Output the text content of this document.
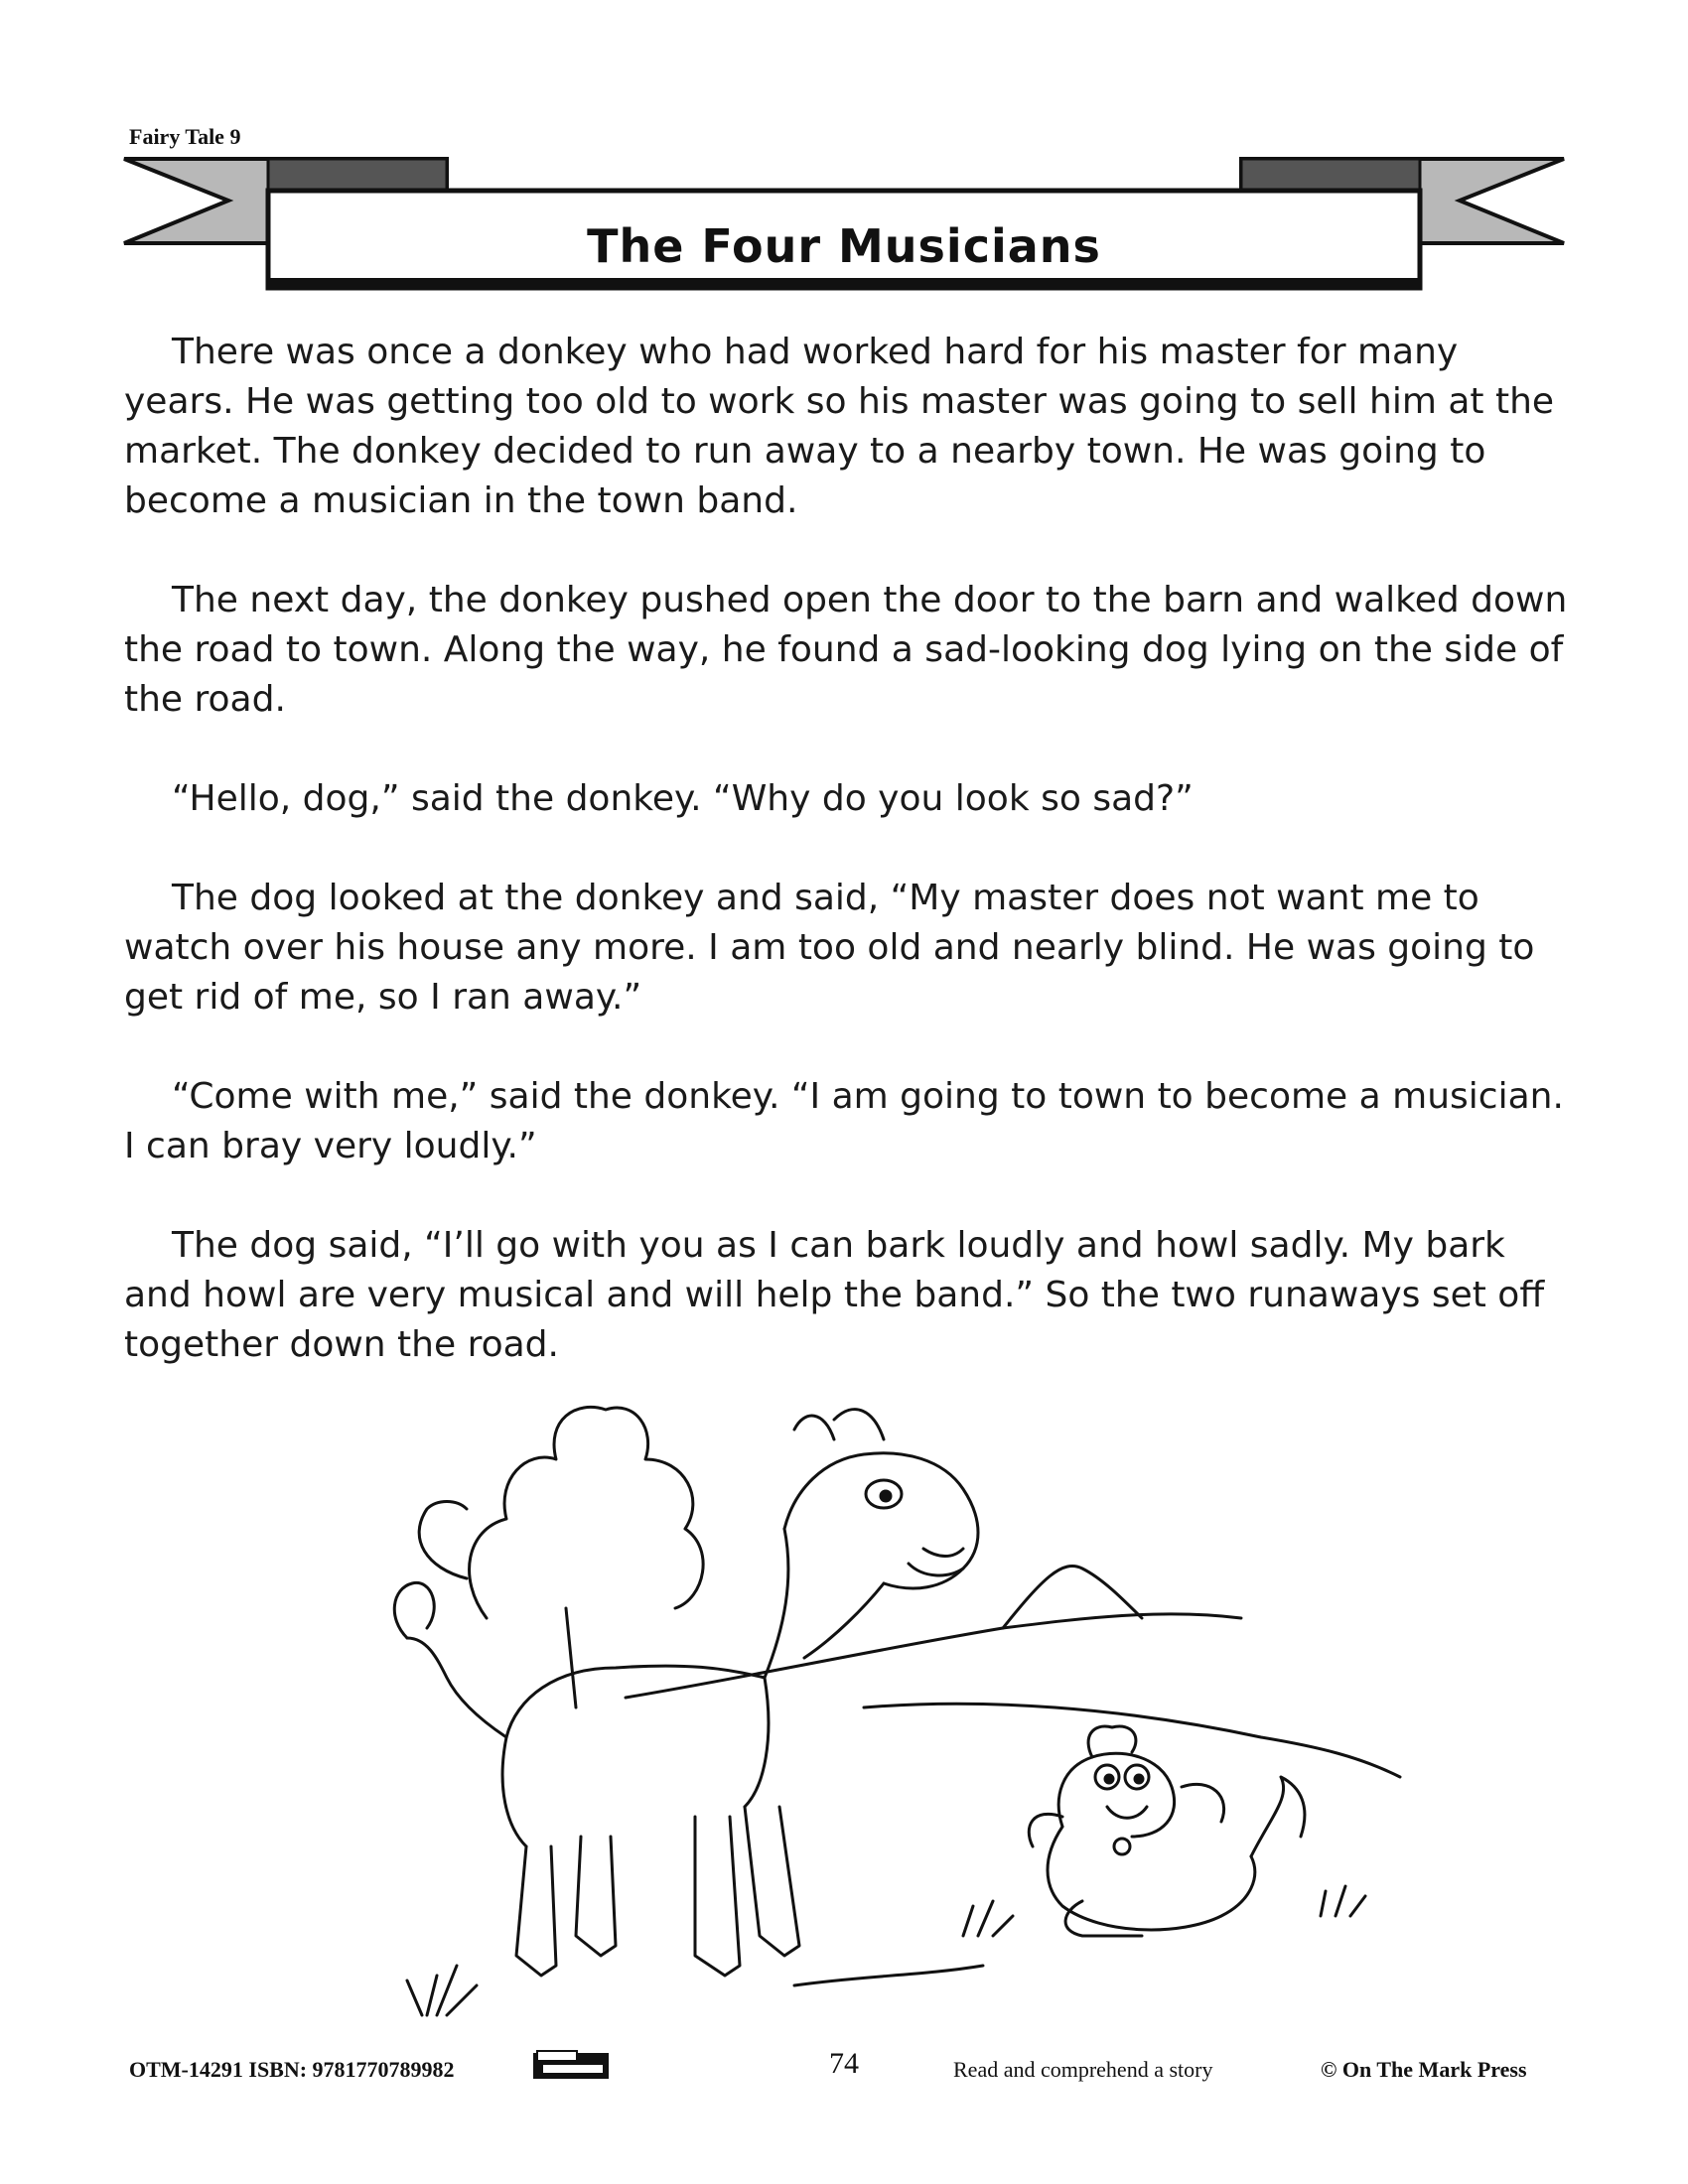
Fairy Tale 9
The Four Musicians

There was once a donkey who had worked hard for his master for many years. He was getting too old to work so his master was going to sell him at the market. The donkey decided to run away to a nearby town. He was going to become a musician in the town band.

The next day, the donkey pushed open the door to the barn and walked down the road to town. Along the way, he found a sad-looking dog lying on the side of the road.

“Hello, dog,” said the donkey. “Why do you look so sad?”

The dog looked at the donkey and said, “My master does not want me to watch over his house any more. I am too old and nearly blind. He was going to get rid of me, so I ran away.”

“Come with me,” said the donkey. “I am going to town to become a musician. I can bray very loudly.”

The dog said, “I’ll go with you as I can bark loudly and howl sadly. My bark and howl are very musical and will help the band.” So the two runaways set off together down the road.

OTM-14291 ISBN: 9781770789982	74	Read and comprehend a story	© On The Mark Press
